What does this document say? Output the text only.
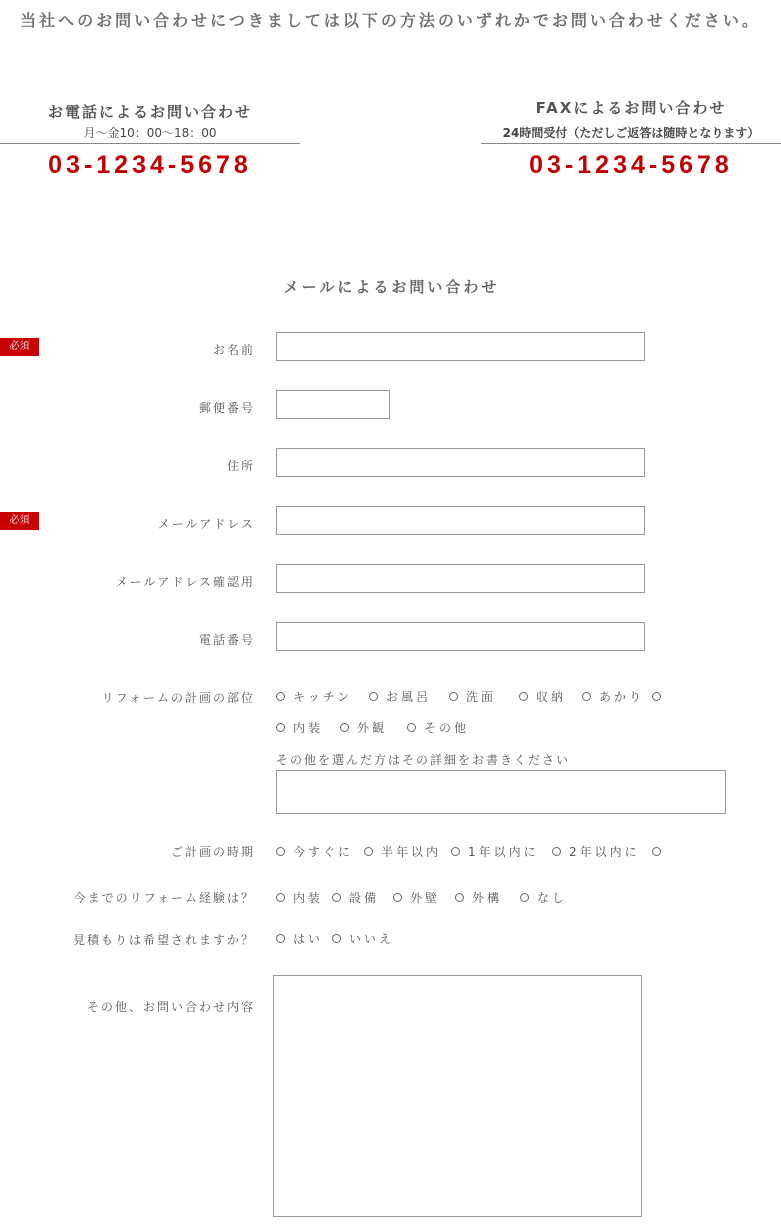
当社へのお問い合わせにつきましては以下の方法のいずれかでお問い合わせください。
お電話によるお問い合わせ
月〜金10：00〜18：00
03-1234-5678
FAXによるお問い合わせ
24時間受付（ただしご返答は随時となります）
03-1234-5678
メールによるお問い合わせ
必須	お名前
郵便番号
住所
必須	メールアドレス
メールアドレス確認用
電話番号
リフォームの計画の部位	キッチン	お風呂	洗面	収納	あかり
内装	外観	その他
その他を選んだ方はその詳細をお書きください
ご計画の時期	今すぐに 半年以内 1年以内に	2年以内に
今までのリフォーム経験は？	内装 設備	外壁	外構	なし
見積もりは希望されますか？	はい いいえ
その他、お問い合わせ内容
